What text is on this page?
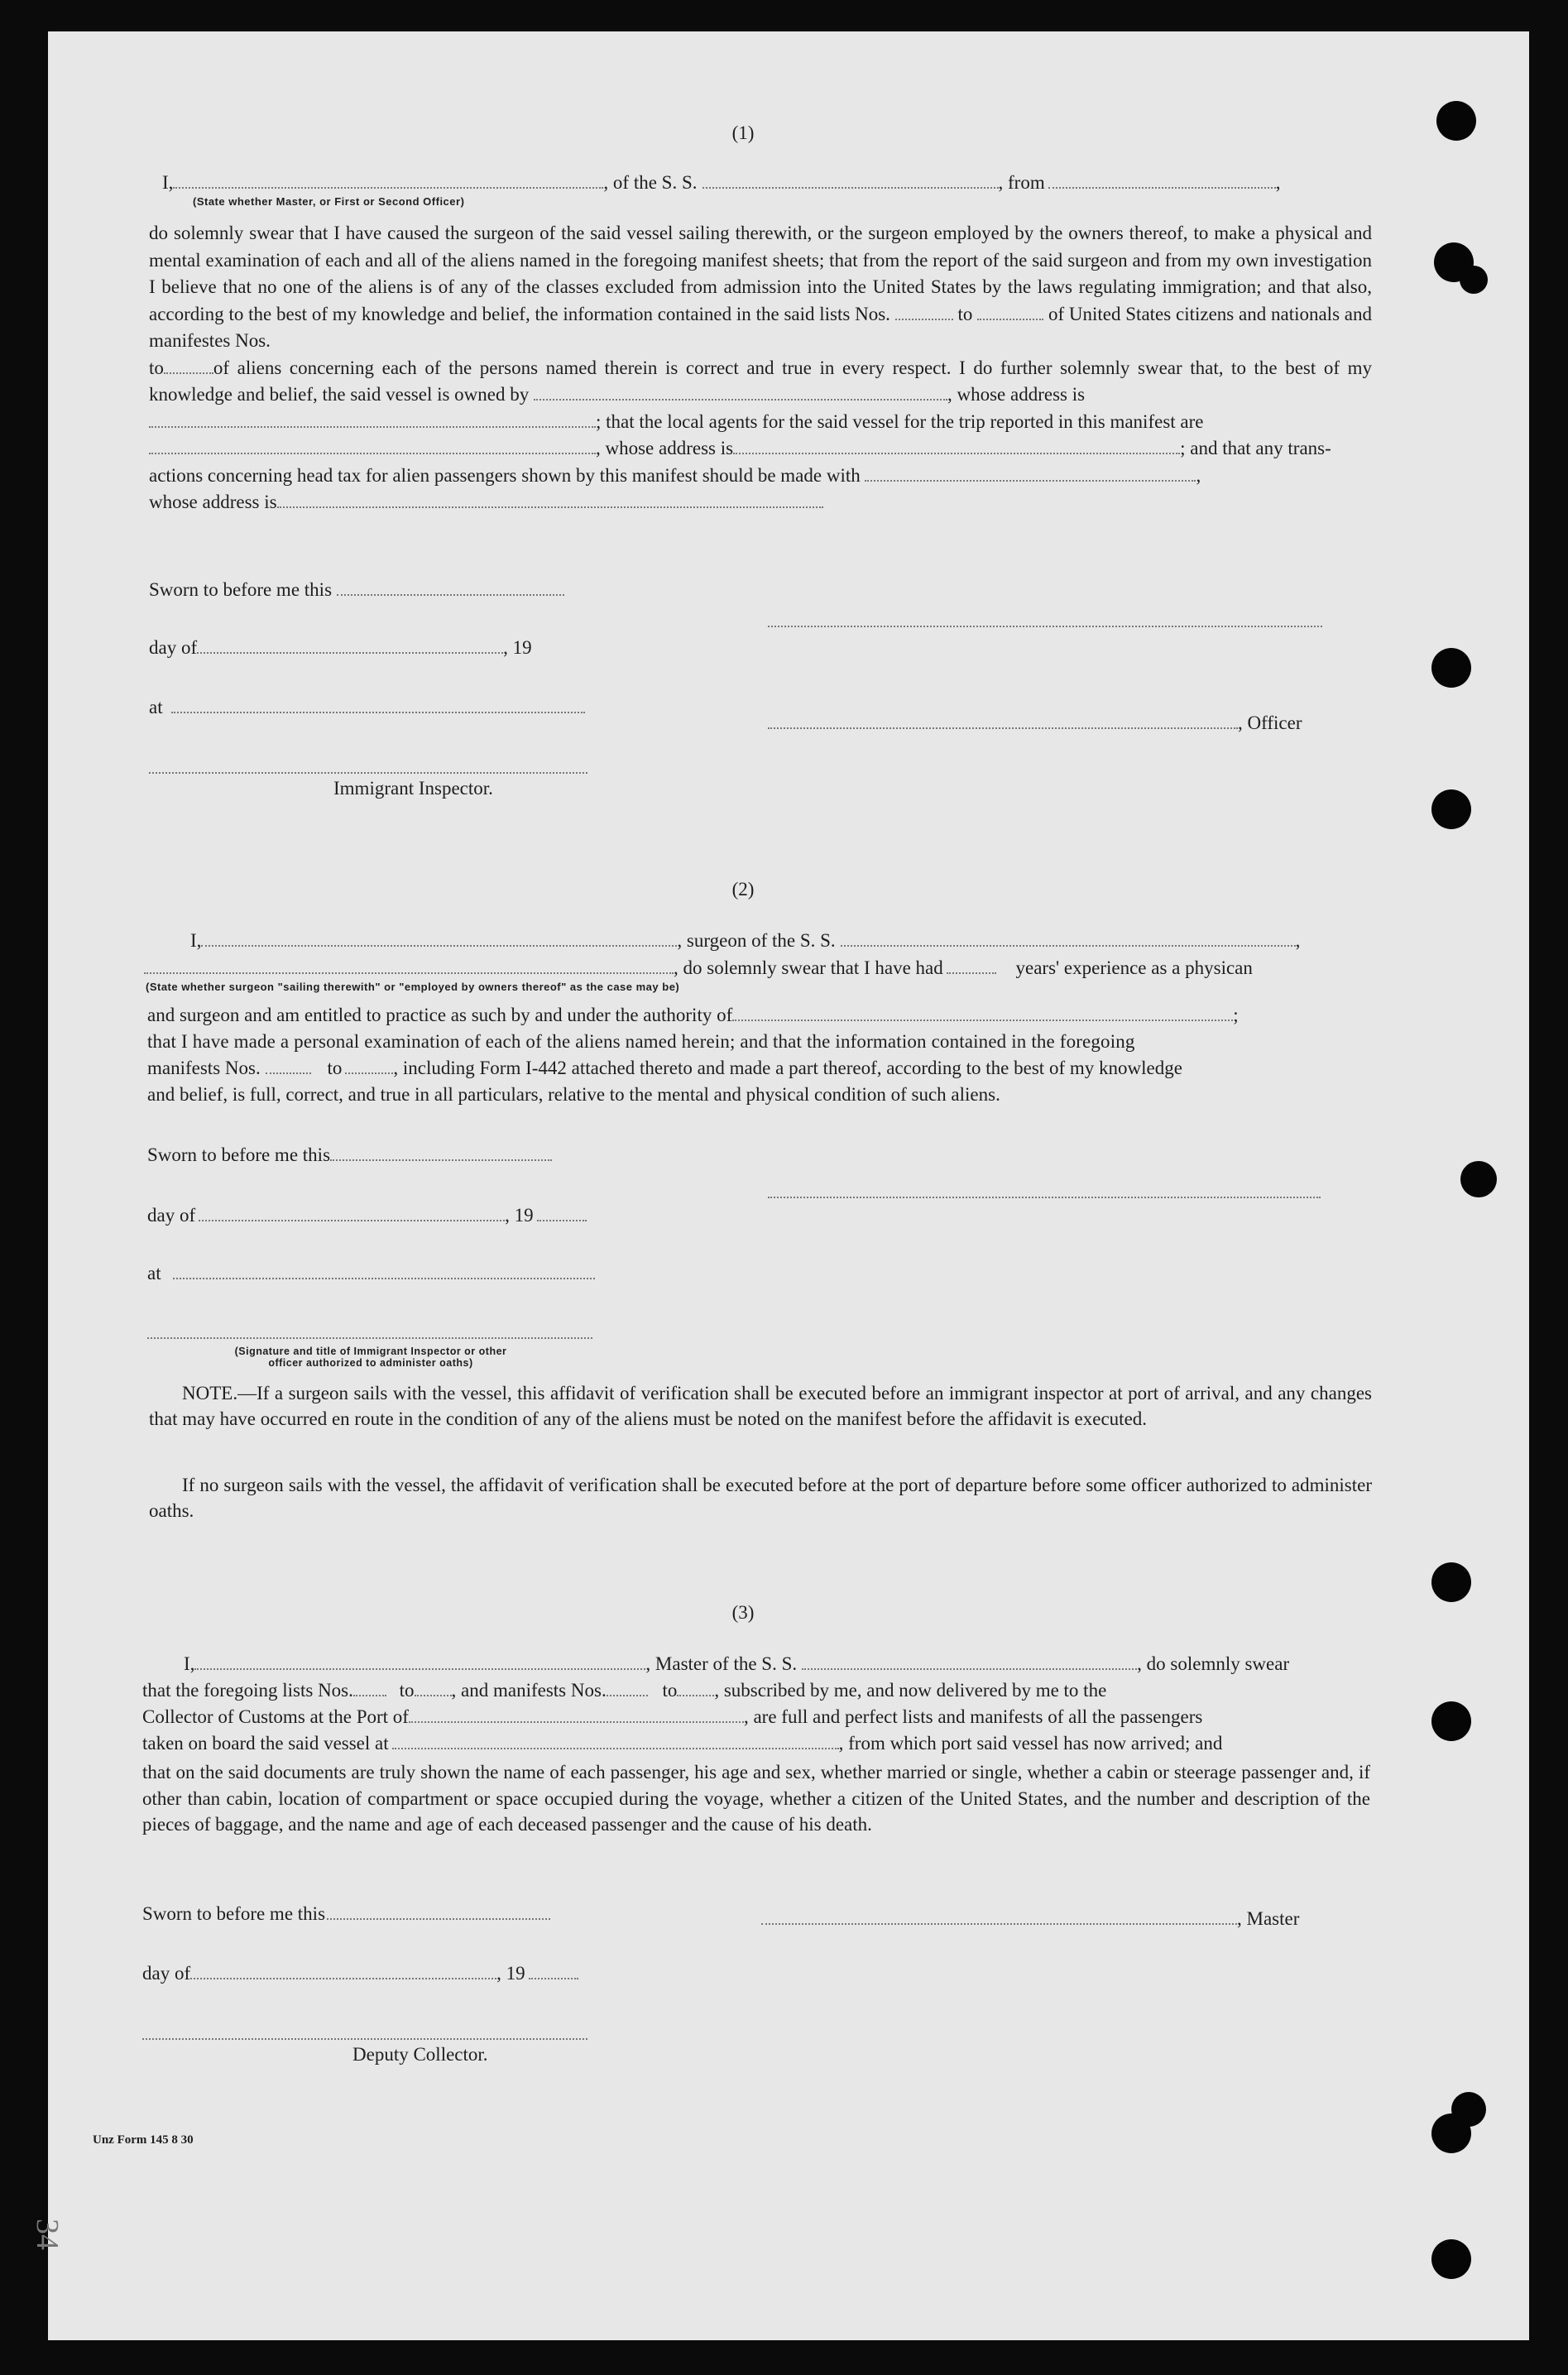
(1)
I,	, of the S. S.	, from	,
(State whether Master, or First or Second Officer)
do solemnly swear that I have caused the surgeon of the said vessel sailing therewith, or the surgeon employed by the owners thereof, to make a physical and mental examination of each and all of the aliens named in the foregoing manifest sheets; that from the report of the said surgeon and from my own investigation I believe that no one of the aliens is of any of the classes excluded from admission into the United States by the laws regulating immigration; and that also, according to the best of my knowledge and belief, the information contained in the said lists Nos.	to	of United States citizens and nationals and manifestes Nos.
to	of aliens concerning each of the persons named therein is correct and true in every respect. I do further solemnly swear that, to the best of my knowledge and belief, the said vessel is owned by	, whose address is
; that the local agents for the said vessel for the trip reported in this manifest are
, whose address is	; and that any trans-
actions concerning head tax for alien passengers shown by this manifest should be made with	,
whose address is
Sworn to before me this
day of	, 19
at
, Officer
Immigrant Inspector.
(2)
I,	, surgeon of the S. S.	,
, do solemnly swear that I have had	years' experience as a physican
(State whether surgeon "sailing therewith" or "employed by owners thereof" as the case may be)
and surgeon and am entitled to practice as such by and under the authority of	;
that I have made a personal examination of each of the aliens named herein; and that the information contained in the foregoing
manifests Nos.	to	, including Form I-442 attached thereto and made a part thereof, according to the best of my knowledge
and belief, is full, correct, and true in all particulars, relative to the mental and physical condition of such aliens.
Sworn to before me this
day of	, 19
at
(Signature and title of Immigrant Inspector or other
officer authorized to administer oaths)
NOTE.—If a surgeon sails with the vessel, this affidavit of verification shall be executed before an immigrant inspector at port of arrival, and any changes that may have occurred en route in the condition of any of the aliens must be noted on the manifest before the affidavit is executed.
If no surgeon sails with the vessel, the affidavit of verification shall be executed before at the port of departure before some officer authorized to administer oaths.
(3)
I,	, Master of the S. S.	, do solemnly swear
that the foregoing lists Nos. to , and manifests Nos.	to , subscribed by me, and now delivered by me to the
Collector of Customs at the Port of	, are full and perfect lists and manifests of all the passengers
taken on board the said vessel at	, from which port said vessel has now arrived; and
that on the said documents are truly shown the name of each passenger, his age and sex, whether married or single, whether a cabin or steerage passenger and, if other than cabin, location of compartment or space occupied during the voyage, whether a citizen of the United States, and the number and description of the pieces of baggage, and the name and age of each deceased passenger and the cause of his death.
Sworn to before me this	, Master
day of	, 19
Deputy Collector.
Unz Form 145 8 30
34
